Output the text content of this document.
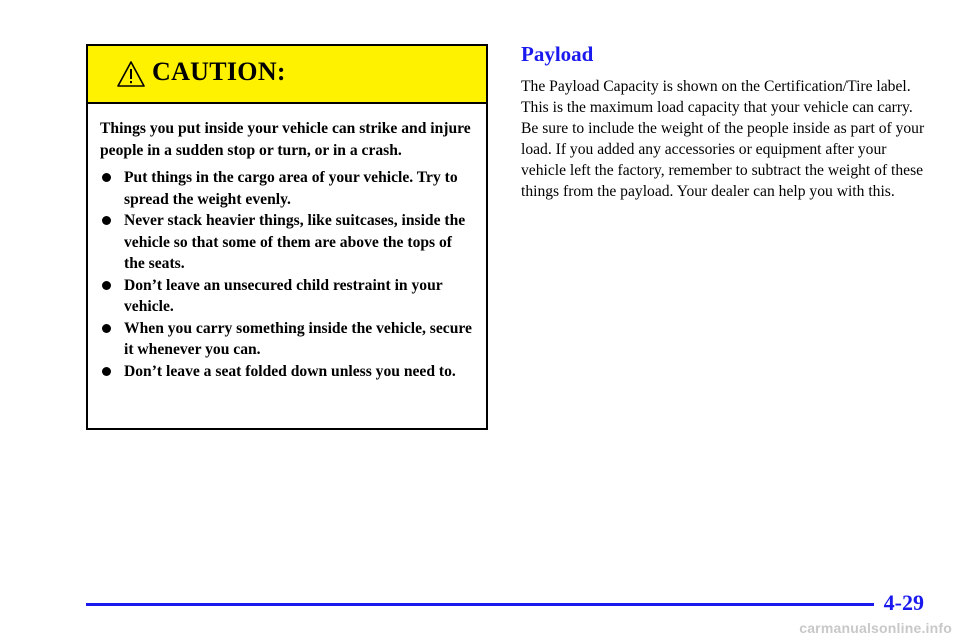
CAUTION:

Things you put inside your vehicle can strike and injure people in a sudden stop or turn, or in a crash.

Put things in the cargo area of your vehicle. Try to spread the weight evenly.
Never stack heavier things, like suitcases, inside the vehicle so that some of them are above the tops of the seats.
Don’t leave an unsecured child restraint in your vehicle.
When you carry something inside the vehicle, secure it whenever you can.
Don’t leave a seat folded down unless you need to.
Payload

The Payload Capacity is shown on the Certification/Tire label. This is the maximum load capacity that your vehicle can carry. Be sure to include the weight of the people inside as part of your load. If you added any accessories or equipment after your vehicle left the factory, remember to subtract the weight of these things from the payload. Your dealer can help you with this.

4-29
carmanualsonline.info
